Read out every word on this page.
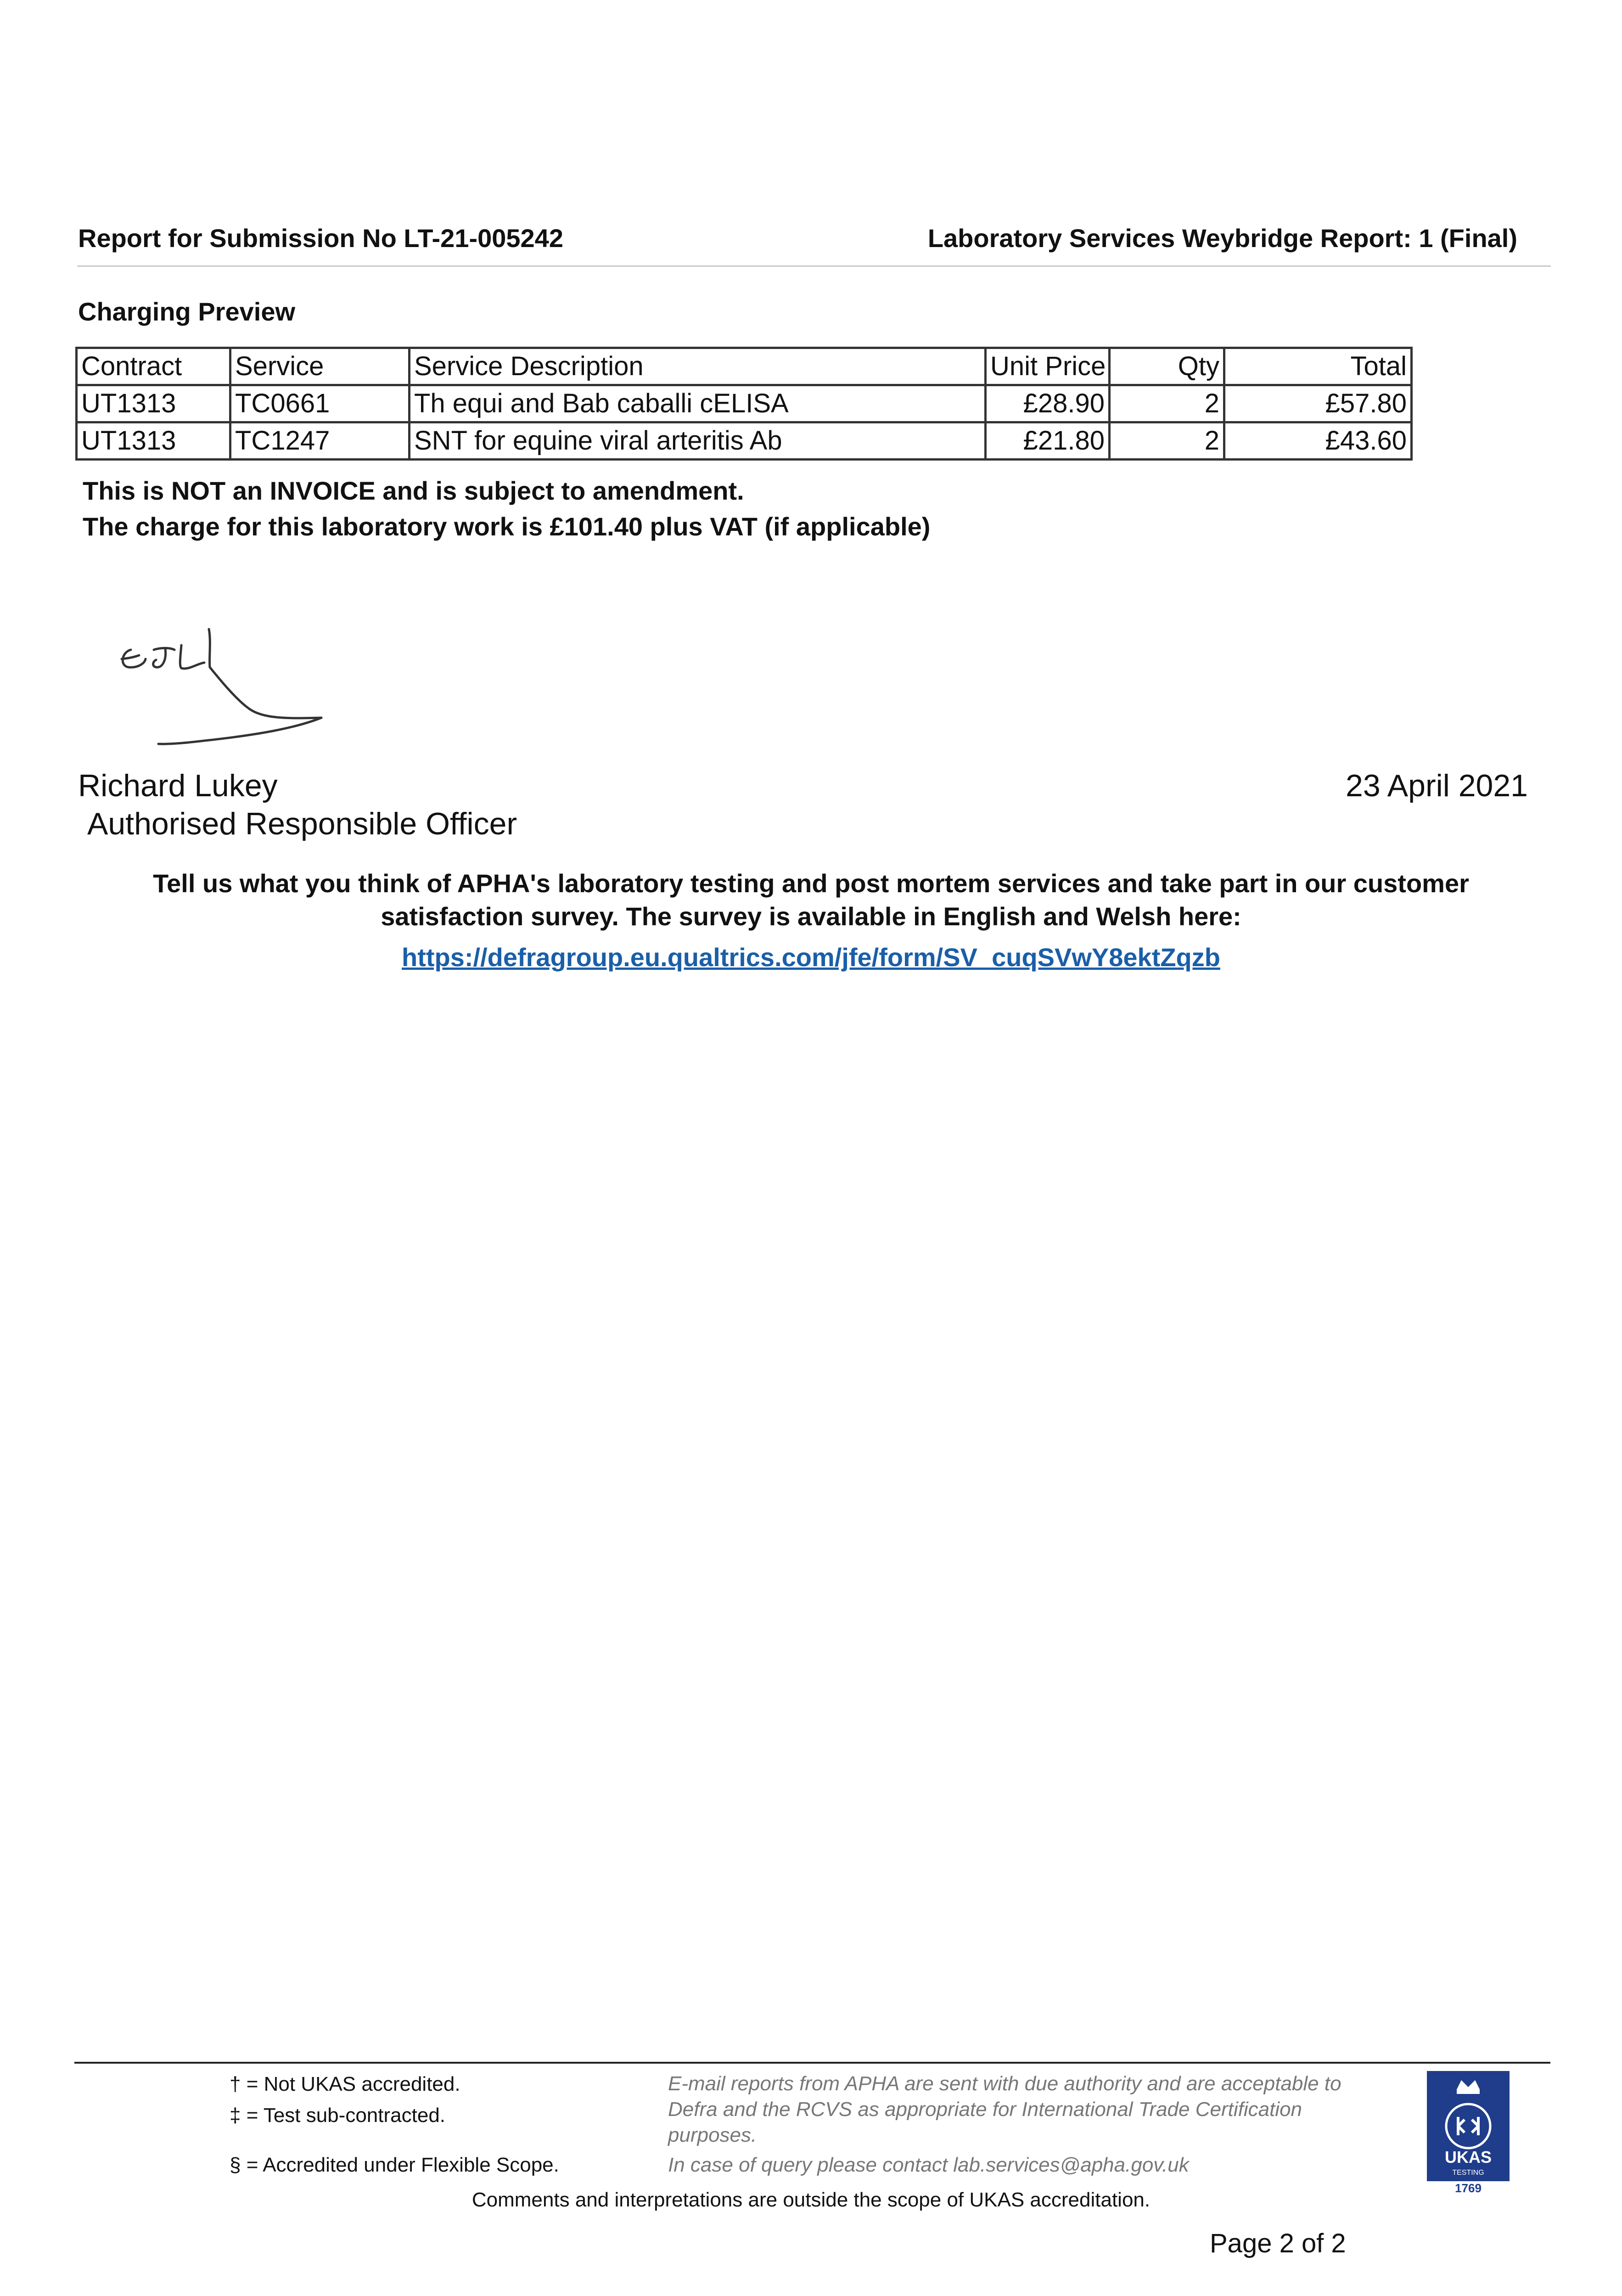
Report for Submission No LT-21-005242	Laboratory Services Weybridge Report: 1 (Final)
Charging Preview
Contract	Service	Service Description	Unit Price	Qty	Total
UT1313	TC0661	Th equi and Bab caballi cELISA	£28.90	2	£57.80
UT1313	TC1247	SNT for equine viral arteritis Ab	£21.80	2	£43.60
This is NOT an INVOICE and is subject to amendment.
The charge for this laboratory work is £101.40 plus VAT (if applicable)
Richard Lukey
Authorised Responsible Officer
23 April 2021
Tell us what you think of APHA's laboratory testing and post mortem services and take part in our customer
satisfaction survey. The survey is available in English and Welsh here:
https://defragroup.eu.qualtrics.com/jfe/form/SV_cuqSVwY8ektZqzb
† = Not UKAS accredited.
‡ = Test sub-contracted.
§ = Accredited under Flexible Scope.
E-mail reports from APHA are sent with due authority and are acceptable to Defra and the RCVS as appropriate for International Trade Certification purposes.
In case of query please contact lab.services@apha.gov.uk
Comments and interpretations are outside the scope of UKAS accreditation.
UKAS
TESTING
1769
Page 2 of 2
